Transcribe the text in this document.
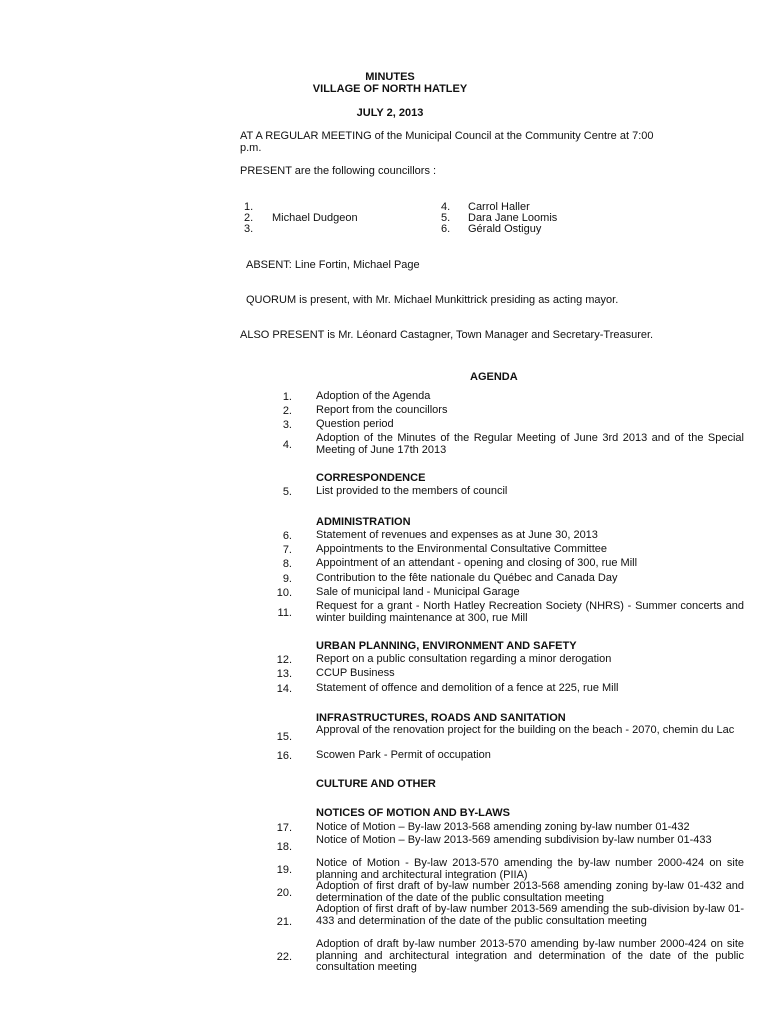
MINUTES
VILLAGE OF NORTH HATLEY
JULY 2, 2013
AT A REGULAR MEETING of the Municipal Council at the Community Centre at 7:00
p.m.
PRESENT are the following councillors :
1.
2. Michael Dudgeon
3.
4. Carrol Haller
5. Dara Jane Loomis
6. Gérald Ostiguy
ABSENT: Line Fortin, Michael Page
QUORUM is present, with Mr. Michael Munkittrick presiding as acting mayor.
ALSO PRESENT is Mr. Léonard Castagner, Town Manager and Secretary-Treasurer.
AGENDA
1. Adoption of the Agenda
2. Report from the councillors
3. Question period
4.
Adoption of the Minutes of the Regular Meeting of June 3rd 2013 and of the Special Meeting of June 17th 2013
CORRESPONDENCE
5. List provided to the members of council
ADMINISTRATION
6. Statement of revenues and expenses as at June 30, 2013
7. Appointments to the Environmental Consultative Committee
8. Appointment of an attendant - opening and closing of 300, rue Mill
9. Contribution to the fête nationale du Québec and Canada Day
10. Sale of municipal land - Municipal Garage
11.
Request for a grant - North Hatley Recreation Society (NHRS) - Summer concerts and winter building maintenance at 300, rue Mill
URBAN PLANNING, ENVIRONMENT AND SAFETY
12. Report on a public consultation regarding a minor derogation
13. CCUP Business
14. Statement of offence and demolition of a fence at 225, rue Mill
INFRASTRUCTURES, ROADS AND SANITATION
15.
Approval of the renovation project for the building on the beach - 2070, chemin du Lac
16. Scowen Park - Permit of occupation
CULTURE AND OTHER
NOTICES OF MOTION AND BY-LAWS
17. Notice of Motion – By-law 2013-568 amending zoning by-law number 01-432
18.
Notice of Motion – By-law 2013-569 amending subdivision by-law number 01-433
19.
Notice of Motion - By-law 2013-570 amending the by-law number 2000-424 on site planning and architectural integration (PIIA)
20.
Adoption of first draft of by-law number 2013-568 amending zoning by-law 01-432 and determination of the date of the public consultation meeting
21.
Adoption of first draft of by-law number 2013-569 amending the sub-division by-law 01-433 and determination of the date of the public consultation meeting
22.
Adoption of draft by-law number 2013-570 amending by-law number 2000-424 on site planning and architectural integration and determination of the date of the public consultation meeting
